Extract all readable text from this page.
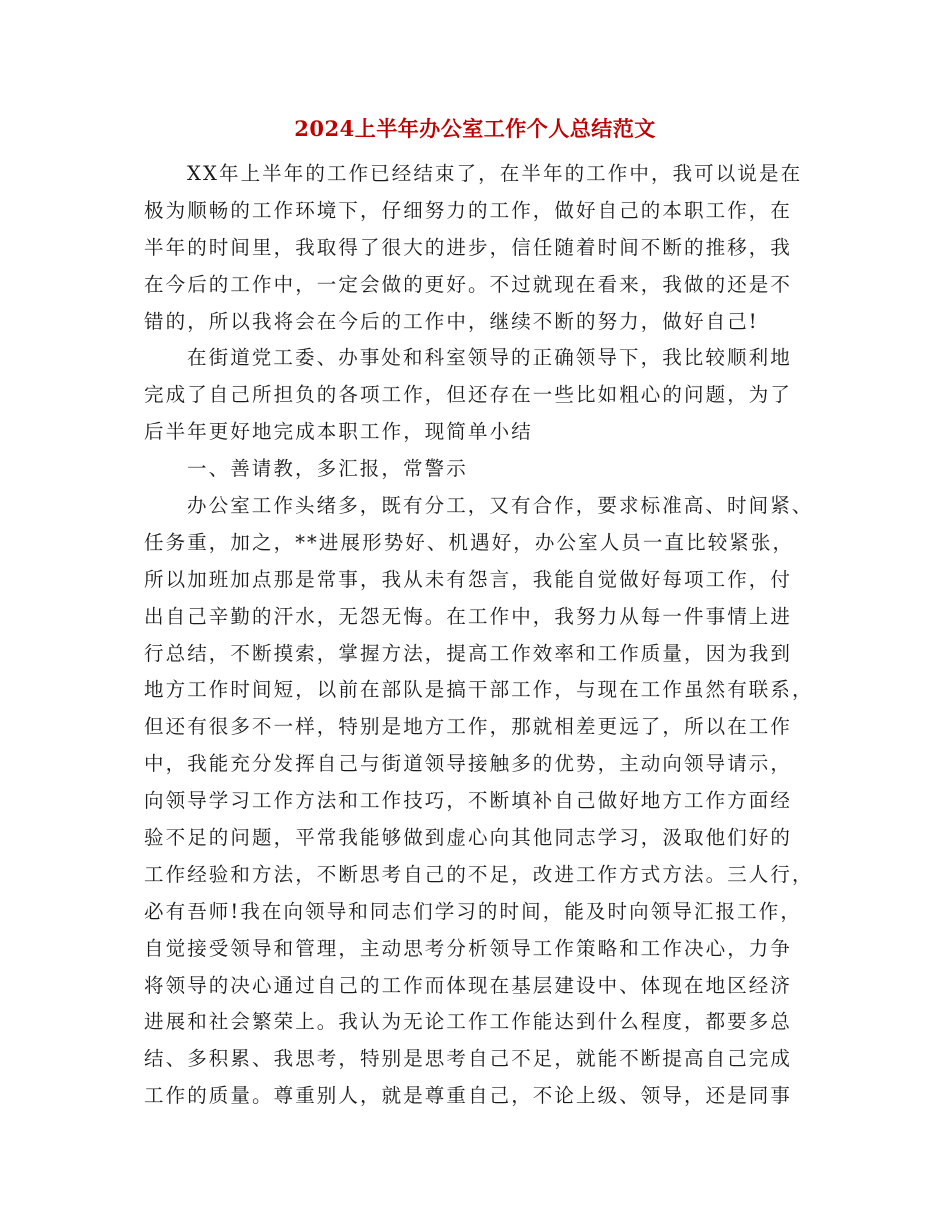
2024上半年办公室工作个人总结范文
XX年上半年的工作已经结束了，在半年的工作中，我可以说是在
极为顺畅的工作环境下，仔细努力的工作，做好自己的本职工作，在
半年的时间里，我取得了很大的进步，信任随着时间不断的推移，我
在今后的工作中，一定会做的更好。不过就现在看来，我做的还是不
错的，所以我将会在今后的工作中，继续不断的努力，做好自己!
在街道党工委、办事处和科室领导的正确领导下，我比较顺利地
完成了自己所担负的各项工作，但还存在一些比如粗心的问题，为了
后半年更好地完成本职工作，现简单小结
一、善请教，多汇报，常警示
办公室工作头绪多，既有分工，又有合作，要求标准高、时间紧、
任务重，加之，**进展形势好、机遇好，办公室人员一直比较紧张，
所以加班加点那是常事，我从未有怨言，我能自觉做好每项工作，付
出自己辛勤的汗水，无怨无悔。在工作中，我努力从每一件事情上进
行总结，不断摸索，掌握方法，提高工作效率和工作质量，因为我到
地方工作时间短，以前在部队是搞干部工作，与现在工作虽然有联系，
但还有很多不一样，特别是地方工作，那就相差更远了，所以在工作
中，我能充分发挥自己与街道领导接触多的优势，主动向领导请示，
向领导学习工作方法和工作技巧，不断填补自己做好地方工作方面经
验不足的问题，平常我能够做到虚心向其他同志学习，汲取他们好的
工作经验和方法，不断思考自己的不足，改进工作方式方法。三人行，
必有吾师!我在向领导和同志们学习的时间，能及时向领导汇报工作，
自觉接受领导和管理，主动思考分析领导工作策略和工作决心，力争
将领导的决心通过自己的工作而体现在基层建设中、体现在地区经济
进展和社会繁荣上。我认为无论工作工作能达到什么程度，都要多总
结、多积累、我思考，特别是思考自己不足，就能不断提高自己完成
工作的质量。尊重别人，就是尊重自己，不论上级、领导，还是同事
